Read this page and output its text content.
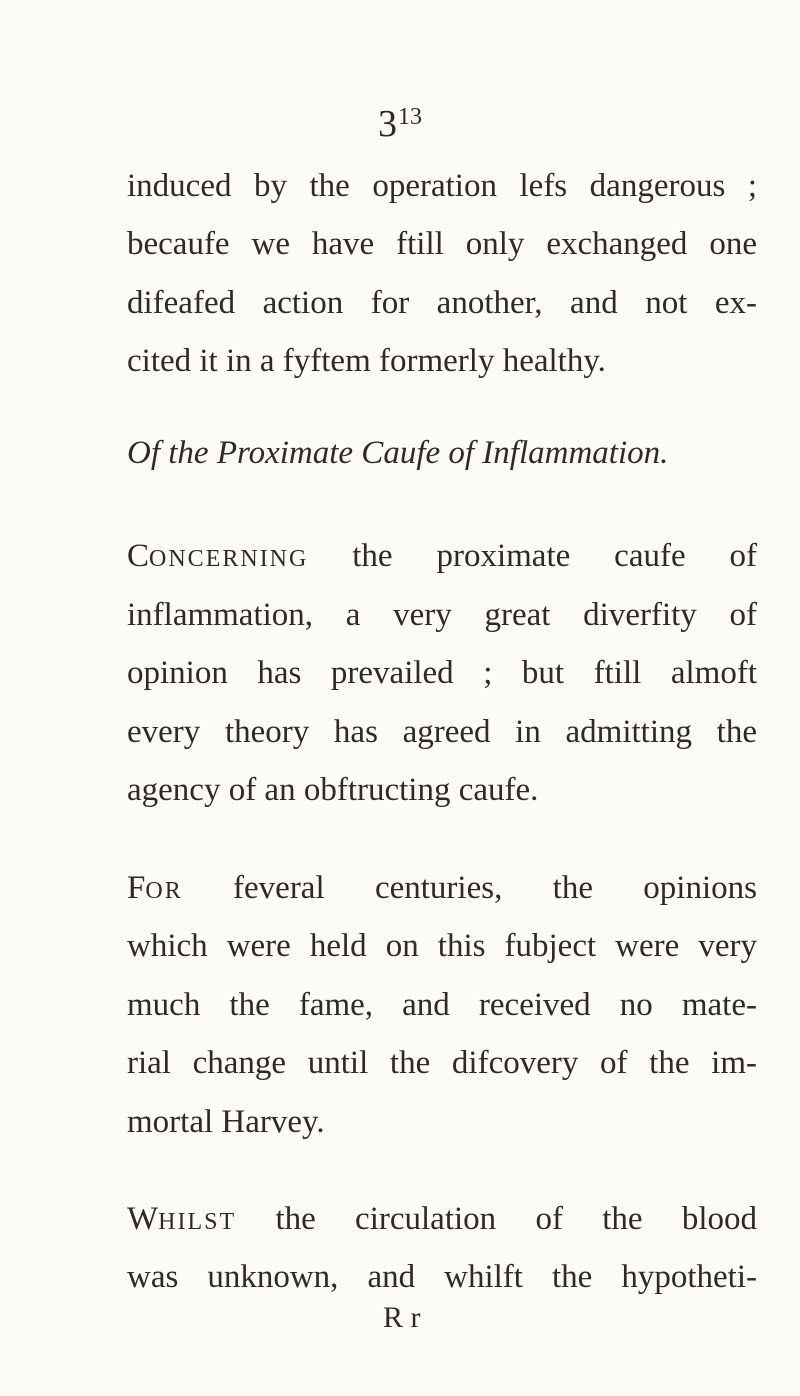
$3^{13}$
induced by the operation lefs dangerous ;
becaufe we have ftill only exchanged one
difeafed action for another, and not ex-
cited it in a fyftem formerly healthy.
Of the Proximate Caufe of Inflammation.
CONCERNING the proximate caufe of
inflammation, a very great diverfity of
opinion has prevailed ; but ftill almoft
every theory has agreed in admitting the
agency of an obftructing caufe.
FOR feveral centuries, the opinions
which were held on this fubject were very
much the fame, and received no mate-
rial change until the difcovery of the im-
mortal Harvey.
WHILST the circulation of the blood
was unknown, and whilft the hypotheti-
R r
